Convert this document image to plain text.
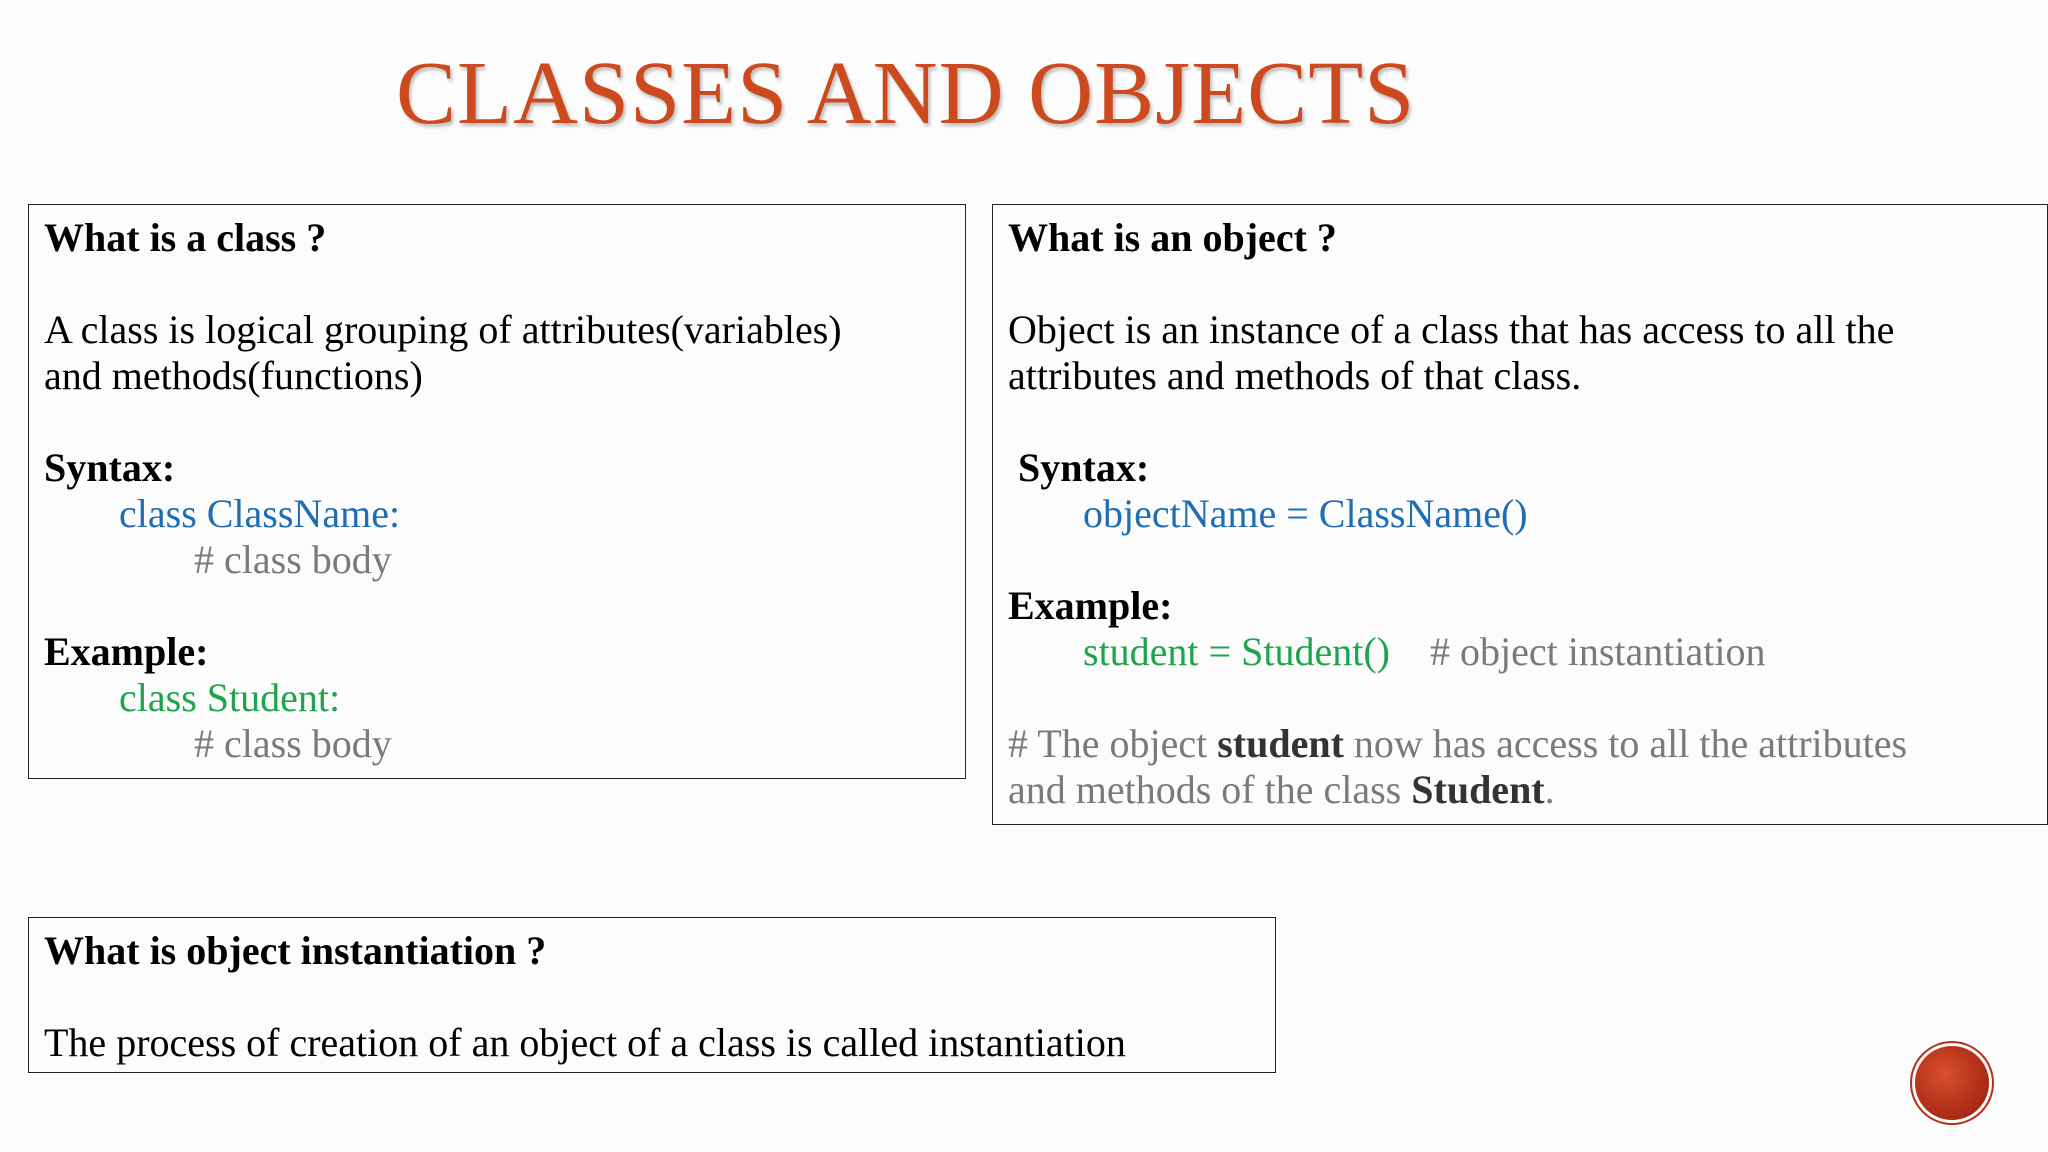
CLASSES AND OBJECTS
What is a class ?
A class is logical grouping of attributes(variables)
and methods(functions)
Syntax:
class ClassName:
# class body
Example:
class Student:
# class body
What is an object ?
Object is an instance of a class that has access to all the
attributes and methods of that class.
Syntax:
objectName = ClassName()
Example:
student = Student() # object instantiation
# The object student now has access to all the attributes
and methods of the class Student.
What is object instantiation ?
The process of creation of an object of a class is called instantiation
